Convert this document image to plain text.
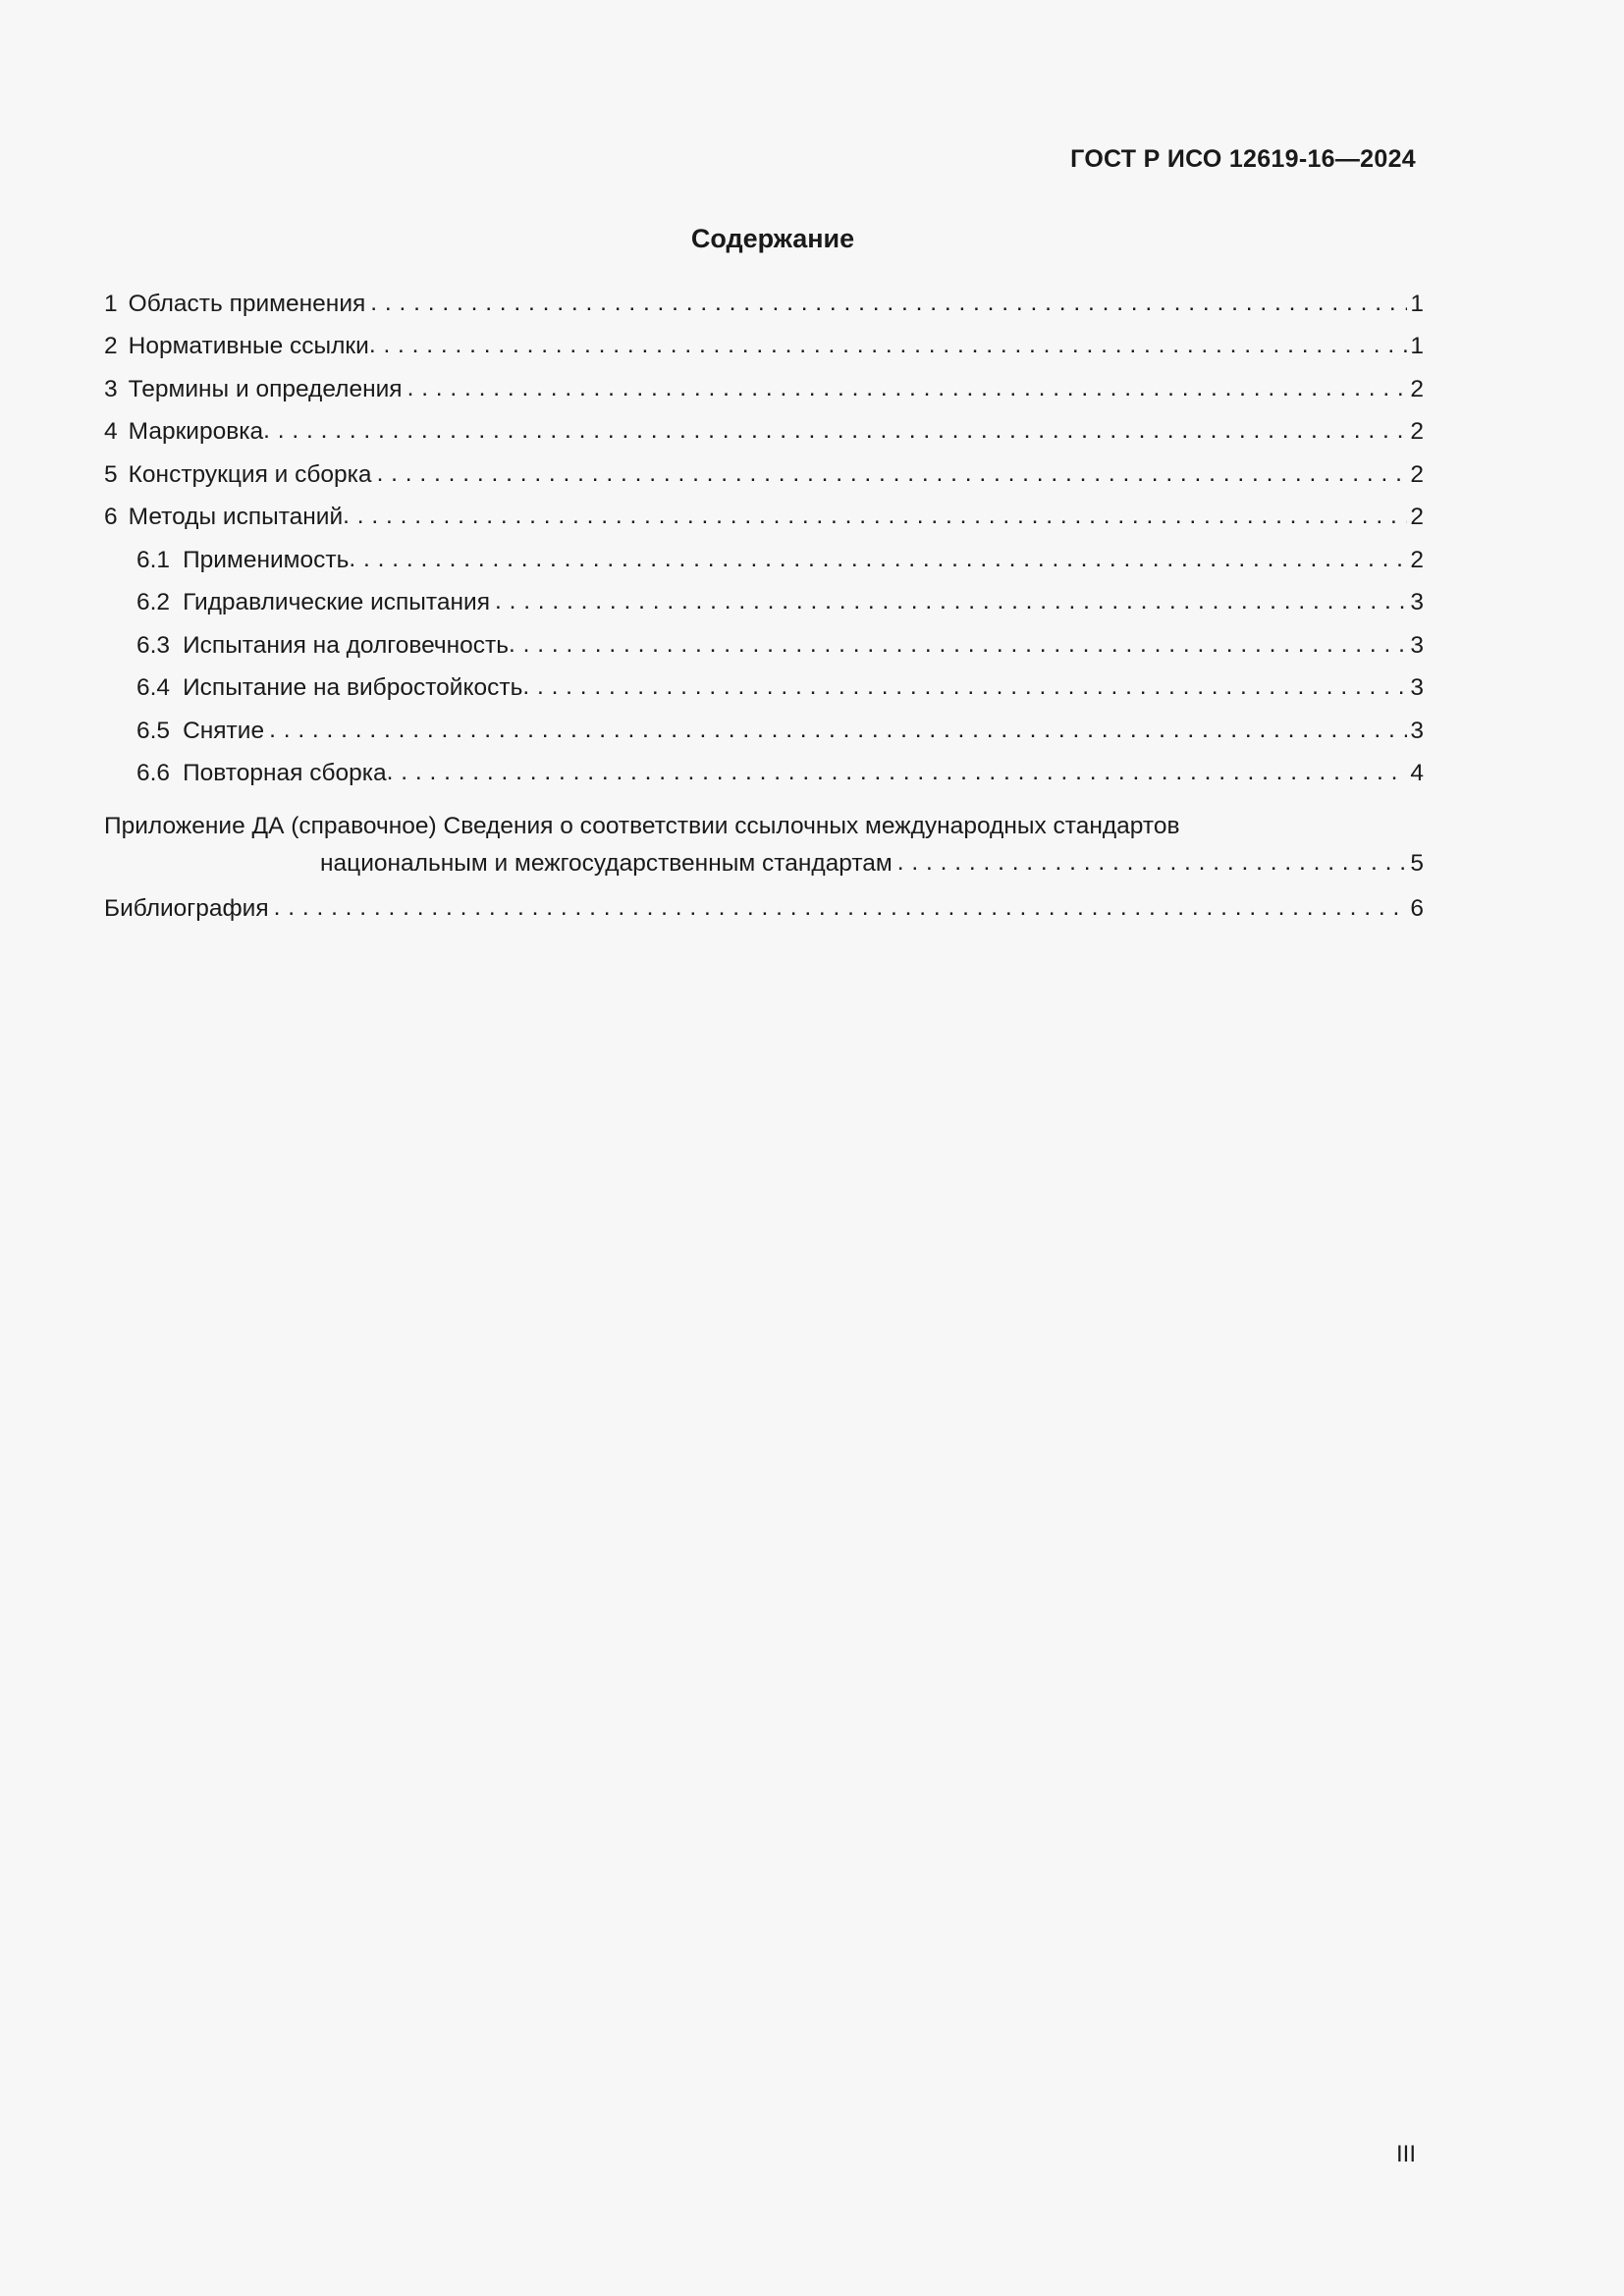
ГОСТ Р ИСО 12619-16—2024
Содержание
1 Область применения . . .	1
2 Нормативные ссылки . . .	1
3 Термины и определения . . .	2
4 Маркировка . . .	2
5 Конструкция и сборка . . .	2
6 Методы испытаний . . .	2
6.1 Применимость . . .	2
6.2 Гидравлические испытания . . .	3
6.3 Испытания на долговечность . . .	3
6.4 Испытание на вибростойкость . . .	3
6.5 Снятие . . .	3
6.6 Повторная сборка . . .	4
Приложение ДА (справочное) Сведения о соответствии ссылочных международных стандартов
национальным и межгосударственным стандартам . . .	5
Библиография . . .	6
III
